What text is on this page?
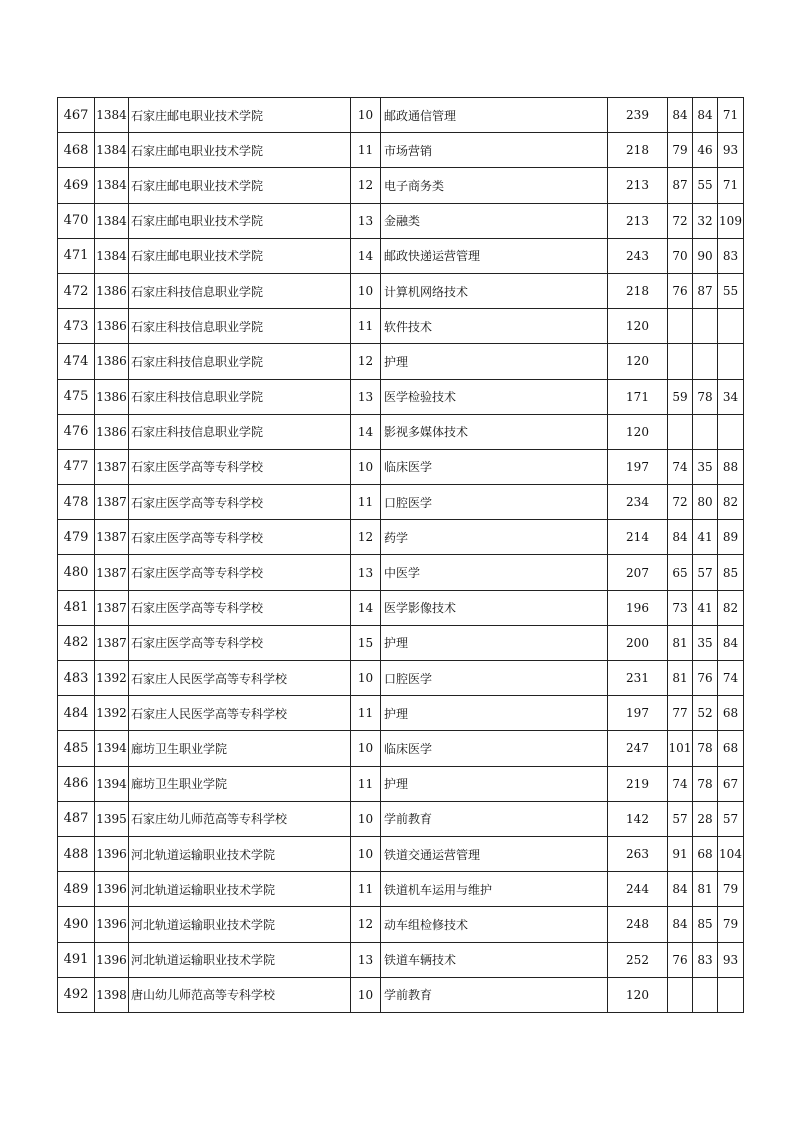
467	1384	石家庄邮电职业技术学院	10	邮政通信管理	239	84	84	71
468	1384	石家庄邮电职业技术学院	11	市场营销	218	79	46	93
469	1384	石家庄邮电职业技术学院	12	电子商务类	213	87	55	71
470	1384	石家庄邮电职业技术学院	13	金融类	213	72	32	109
471	1384	石家庄邮电职业技术学院	14	邮政快递运营管理	243	70	90	83
472	1386	石家庄科技信息职业学院	10	计算机网络技术	218	76	87	55
473	1386	石家庄科技信息职业学院	11	软件技术	120			
474	1386	石家庄科技信息职业学院	12	护理	120			
475	1386	石家庄科技信息职业学院	13	医学检验技术	171	59	78	34
476	1386	石家庄科技信息职业学院	14	影视多媒体技术	120			
477	1387	石家庄医学高等专科学校	10	临床医学	197	74	35	88
478	1387	石家庄医学高等专科学校	11	口腔医学	234	72	80	82
479	1387	石家庄医学高等专科学校	12	药学	214	84	41	89
480	1387	石家庄医学高等专科学校	13	中医学	207	65	57	85
481	1387	石家庄医学高等专科学校	14	医学影像技术	196	73	41	82
482	1387	石家庄医学高等专科学校	15	护理	200	81	35	84
483	1392	石家庄人民医学高等专科学校	10	口腔医学	231	81	76	74
484	1392	石家庄人民医学高等专科学校	11	护理	197	77	52	68
485	1394	廊坊卫生职业学院	10	临床医学	247	101	78	68
486	1394	廊坊卫生职业学院	11	护理	219	74	78	67
487	1395	石家庄幼儿师范高等专科学校	10	学前教育	142	57	28	57
488	1396	河北轨道运输职业技术学院	10	铁道交通运营管理	263	91	68	104
489	1396	河北轨道运输职业技术学院	11	铁道机车运用与维护	244	84	81	79
490	1396	河北轨道运输职业技术学院	12	动车组检修技术	248	84	85	79
491	1396	河北轨道运输职业技术学院	13	铁道车辆技术	252	76	83	93
492	1398	唐山幼儿师范高等专科学校	10	学前教育	120			
